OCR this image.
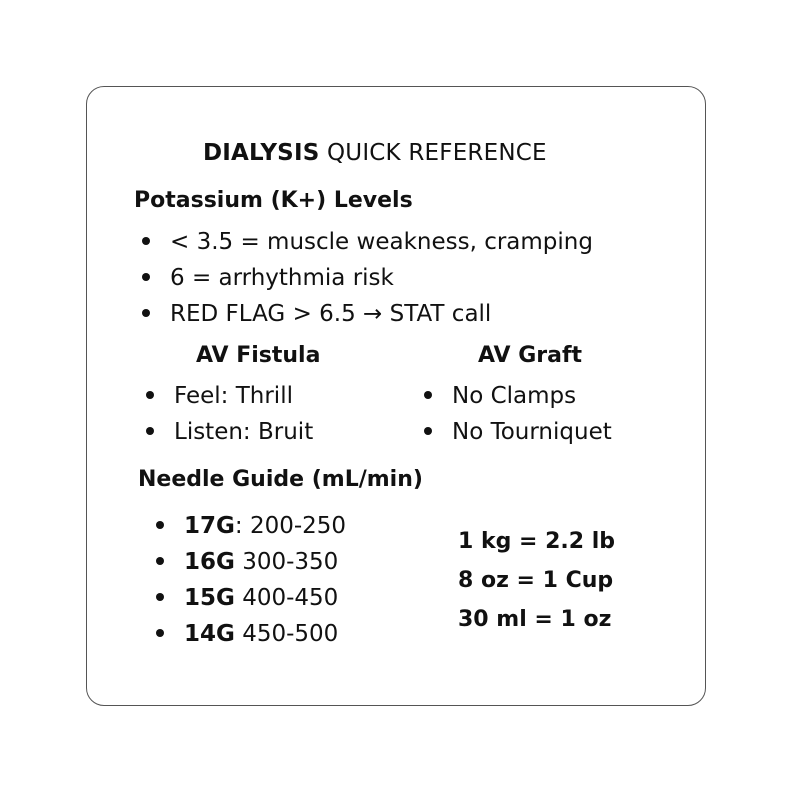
DIALYSIS QUICK REFERENCE
Potassium (K+) Levels
< 3.5 = muscle weakness, cramping
6 = arrhythmia risk
RED FLAG > 6.5 → STAT call
AV Fistula
Feel: Thrill
Listen: Bruit
AV Graft
No Clamps
No Tourniquet
Needle Guide (mL/min)
17G: 200-250
16G 300-350
15G 400-450
14G 450-500
1 kg = 2.2 lb
8 oz = 1 Cup
30 ml = 1 oz
